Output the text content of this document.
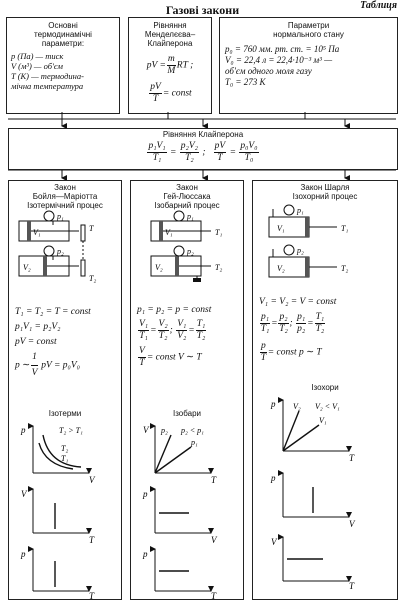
Таблиця
Газові закони
Основні
термодинамічні
параметри:
p (Па) — тиск
V (м³) — об'єм
T (К) — термодина-
мічна температура
Рівняння
Менделєєва–
Клайперона
pV = $\frac{m}{M}$ RT ;
$\frac{pV}{T}$ = const
Параметри
нормального стану
p₀ = 760 мм. рт. ст. = 10⁵ Па
V₀ = 22,4 л = 22,4·10⁻³ м³ —
об'єм одного моля газу
T₀ = 273 К
Рівняння Клайперона
$\frac{\text{p₁V₁}}{\text{T₁}} = \frac{\text{p₂V₂}}{\text{T₂}}$ ; $\frac{pV}{T} = \frac{\text{p₀V₀}}{\text{T₀}}$
Закон
Бойля—Маріотта
Ізотермічний процес
p₁
V₁	T
p₂
V₂
T₂
T₁ = T₂ = T = const
p₁V₁ = p₂V₂
pV = const
p ∼ $\frac{1}{V}$ pV = p₀V₀
Ізотерми
p
V
T₂ > T₁
T₂
T₁
V
T
p
T
Закон
Гей-Люссака
Ізобарний процес
p₁
V₁	T₁
p₂
V₂	T₂
p₁ = p₂ = p = const
$\frac{\text{V₁}}{\text{T₁}} = \frac{\text{V₂}}{\text{T₂}}$ ; $\frac{\text{V₁}}{\text{V₂}} = \frac{\text{T₁}}{\text{T₂}}$
$\frac{V}{T}$ = const V ∼ T
Ізобари
V
T
p₂ < p₁
p₂
p₁
p
V
p
T
Закон Шарля
Ізохорний процес
p₁
V₁	T₁
p₂
V₂	T₂
V₁ = V₂ = V = const
$\frac{\text{p₁}}{\text{T₁}} = \frac{\text{p₂}}{\text{T₂}}$ ; $\frac{\text{p₁}}{\text{p₂}} = \frac{\text{T₁}}{\text{T₂}}$
$\frac{p}{T}$ = const p ∼ T
Ізохори
p
T
V₂ < V₁
V₂
V₁
p
V
V
T
